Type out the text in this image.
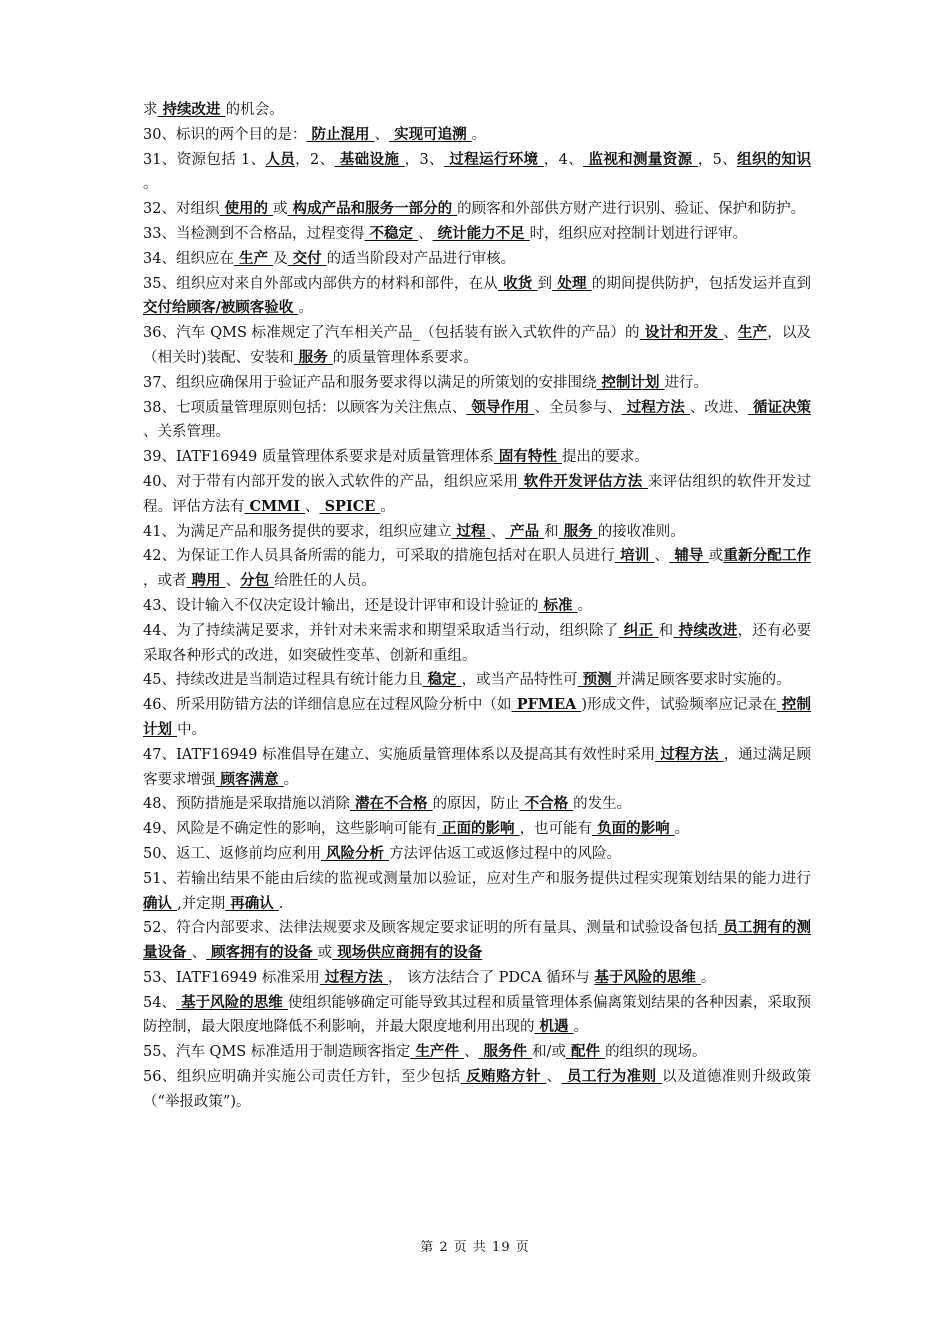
求 持续改进 的机会。

30、标识的两个目的是： 防止混用 、 实现可追溯 。

31、资源包括 1、人员，2、 基础设施 ，3、 过程运行环境 ，4、 监视和测量资源 ，5、组织的知识 。

32、对组织 使用的 或 构成产品和服务一部分的 的顾客和外部供方财产进行识别、验证、保护和防护。

33、当检测到不合格品，过程变得 不稳定 、 统计能力不足 时，组织应对控制计划进行评审。

34、组织应在 生产 及 交付 的适当阶段对产品进行审核。

35、组织应对来自外部或内部供方的材料和部件，在从 收货 到 处理 的期间提供防护，包括发运并直到 交付给顾客/被顾客验收 。

36、汽车 QMS 标准规定了汽车相关产品_（包括装有嵌入式软件的产品）的 设计和开发 、生产，以及（相关时)装配、安装和 服务 的质量管理体系要求。

37、组织应确保用于验证产品和服务要求得以满足的所策划的安排围绕 控制计划 进行。

38、七项质量管理原则包括：以顾客为关注焦点、 领导作用 、全员参与、 过程方法 、改进、 循证决策 、关系管理。

39、IATF16949 质量管理体系要求是对质量管理体系 固有特性 提出的要求。

40、对于带有内部开发的嵌入式软件的产品，组织应采用 软件开发评估方法 来评估组织的软件开发过程。评估方法有 CMMI 、 SPICE 。

41、为满足产品和服务提供的要求，组织应建立 过程 、 产品 和 服务 的接收准则。

42、为保证工作人员具备所需的能力，可采取的措施包括对在职人员进行 培训 、 辅导 或重新分配工作 ，或者 聘用 、分包 给胜任的人员。

43、设计输入不仅决定设计输出，还是设计评审和设计验证的 标准 。

44、为了持续满足要求，并针对未来需求和期望采取适当行动，组织除了 纠正 和 持续改进，还有必要采取各种形式的改进，如突破性变革、创新和重组。

45、持续改进是当制造过程具有统计能力且 稳定 ，或当产品特性可 预测 并满足顾客要求时实施的。

46、所采用防错方法的详细信息应在过程风险分析中（如 PFMEA )形成文件，试验频率应记录在 控制计划 中。

47、IATF16949 标准倡导在建立、实施质量管理体系以及提高其有效性时采用 过程方法 ，通过满足顾客要求增强 顾客满意 。

48、预防措施是采取措施以消除 潜在不合格 的原因，防止 不合格 的发生。

49、风险是不确定性的影响，这些影响可能有 正面的影响 ，也可能有 负面的影响 。

50、返工、返修前均应利用 风险分析 方法评估返工或返修过程中的风险。

51、若输出结果不能由后续的监视或测量加以验证，应对生产和服务提供过程实现策划结果的能力进行 确认 ,并定期 再确认 .

52、符合内部要求、法律法规要求及顾客规定要求证明的所有量具、测量和试验设备包括 员工拥有的测量设备 、 顾客拥有的设备 或 现场供应商拥有的设备

53、IATF16949 标准采用 过程方法 ， 该方法结合了 PDCA 循环与 基于风险的思维 。

54、 基于风险的思维 使组织能够确定可能导致其过程和质量管理体系偏离策划结果的各种因素，采取预防控制，最大限度地降低不利影响，并最大限度地利用出现的 机遇 。

55、汽车 QMS 标准适用于制造顾客指定 生产件 、 服务件 和/或 配件 的组织的现场。

56、组织应明确并实施公司责任方针，至少包括 反贿赂方针 、 员工行为准则 以及道德准则升级政策（“举报政策”)。

第 2 页 共 19 页
